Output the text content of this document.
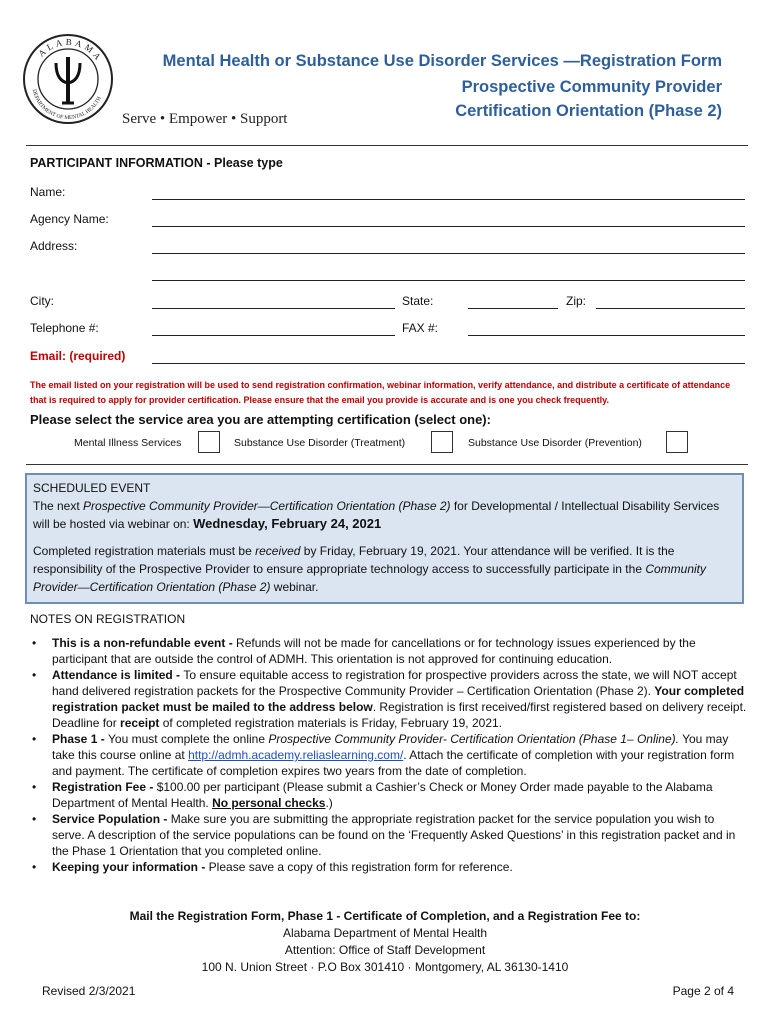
ALABAMA
DEPARTMENT OF MENTAL HEALTH
Serve • Empower • Support
Mental Health or Substance Use Disorder Services —Registration Form
Prospective Community Provider
Certification Orientation (Phase 2)
PARTICIPANT INFORMATION - Please type
Name:
Agency Name:
Address:
City:	State:	Zip:
Telephone #:	FAX #:
Email: (required)
The email listed on your registration will be used to send registration confirmation, webinar information, verify attendance, and distribute a certificate of attendance that is required to apply for provider certification. Please ensure that the email you provide is accurate and is one you check frequently.
Please select the service area you are attempting certification (select one):
Mental Illness Services	Substance Use Disorder (Treatment)	Substance Use Disorder (Prevention)

SCHEDULED EVENT

The next Prospective Community Provider—Certification Orientation (Phase 2) for Developmental / Intellectual Disability Services will be hosted via webinar on: Wednesday, February 24, 2021

Completed registration materials must be received by Friday, February 19, 2021. Your attendance will be verified. It is the responsibility of the Prospective Provider to ensure appropriate technology access to successfully participate in the Community Provider—Certification Orientation (Phase 2) webinar.

NOTES ON REGISTRATION
• This is a non-refundable event - Refunds will not be made for cancellations or for technology issues experienced by the participant that are outside the control of ADMH. This orientation is not approved for continuing education.
• Attendance is limited - To ensure equitable access to registration for prospective providers across the state, we will NOT accept hand delivered registration packets for the Prospective Community Provider – Certification Orientation (Phase 2). Your completed registration packet must be mailed to the address below. Registration is first received/first registered based on delivery receipt. Deadline for receipt of completed registration materials is Friday, February 19, 2021.
• Phase 1 - You must complete the online Prospective Community Provider- Certification Orientation (Phase 1– Online). You may take this course online at http://admh.academy.reliaslearning.com/. Attach the certificate of completion with your registration form and payment. The certificate of completion expires two years from the date of completion.
• Registration Fee - $100.00 per participant (Please submit a Cashier’s Check or Money Order made payable to the Alabama Department of Mental Health. No personal checks.)
• Service Population - Make sure you are submitting the appropriate registration packet for the service population you wish to serve. A description of the service populations can be found on the ‘Frequently Asked Questions’ in this registration packet and in the Phase 1 Orientation that you completed online.
• Keeping your information - Please save a copy of this registration form for reference.
Mail the Registration Form, Phase 1 - Certificate of Completion, and a Registration Fee to:
Alabama Department of Mental Health
Attention: Office of Staff Development
100 N. Union Street · P.O Box 301410 · Montgomery, AL 36130-1410
Revised 2/3/2021	Page 2 of 4
